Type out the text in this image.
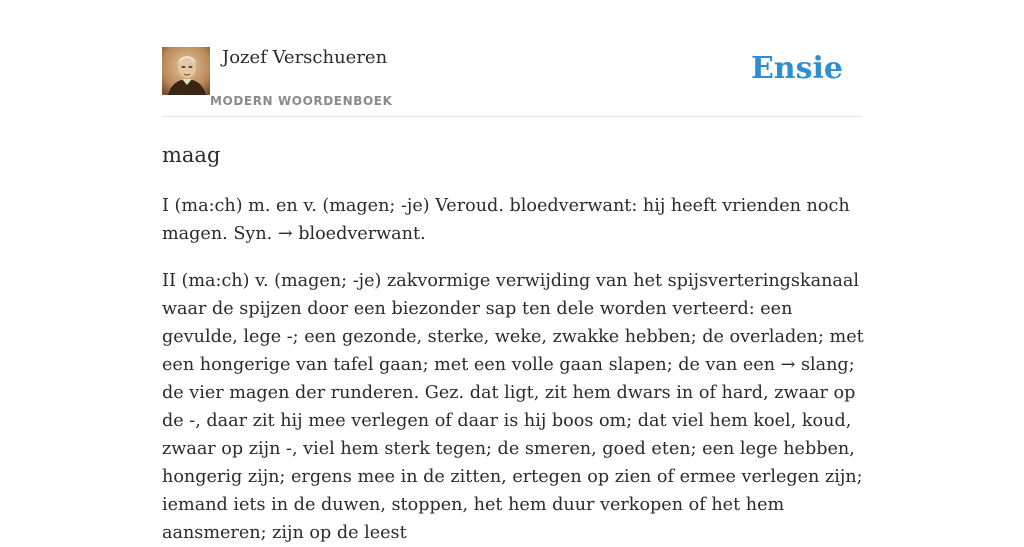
Jozef Verschueren
MODERN WOORDENBOEK
Ensie
maag

I (ma:ch) m. en v. (magen; -je) Veroud. bloedverwant: hij heeft vrienden noch magen. Syn. → bloedverwant.

II (ma:ch) v. (magen; -je) zakvormige verwijding van het spijsverteringskanaal waar de spijzen door een biezonder sap ten dele worden verteerd: een gevulde, lege -; een gezonde, sterke, weke, zwakke hebben; de overladen; met een hongerige van tafel gaan; met een volle gaan slapen; de van een → slang; de vier magen der runderen. Gez. dat ligt, zit hem dwars in of hard, zwaar op de -, daar zit hij mee verlegen of daar is hij boos om; dat viel hem koel, koud, zwaar op zijn -, viel hem sterk tegen; de smeren, goed eten; een lege hebben, hongerig zijn; ergens mee in de zitten, ertegen op zien of ermee verlegen zijn; iemand iets in de duwen, stoppen, het hem duur verkopen of het hem aansmeren; zijn op de leest
